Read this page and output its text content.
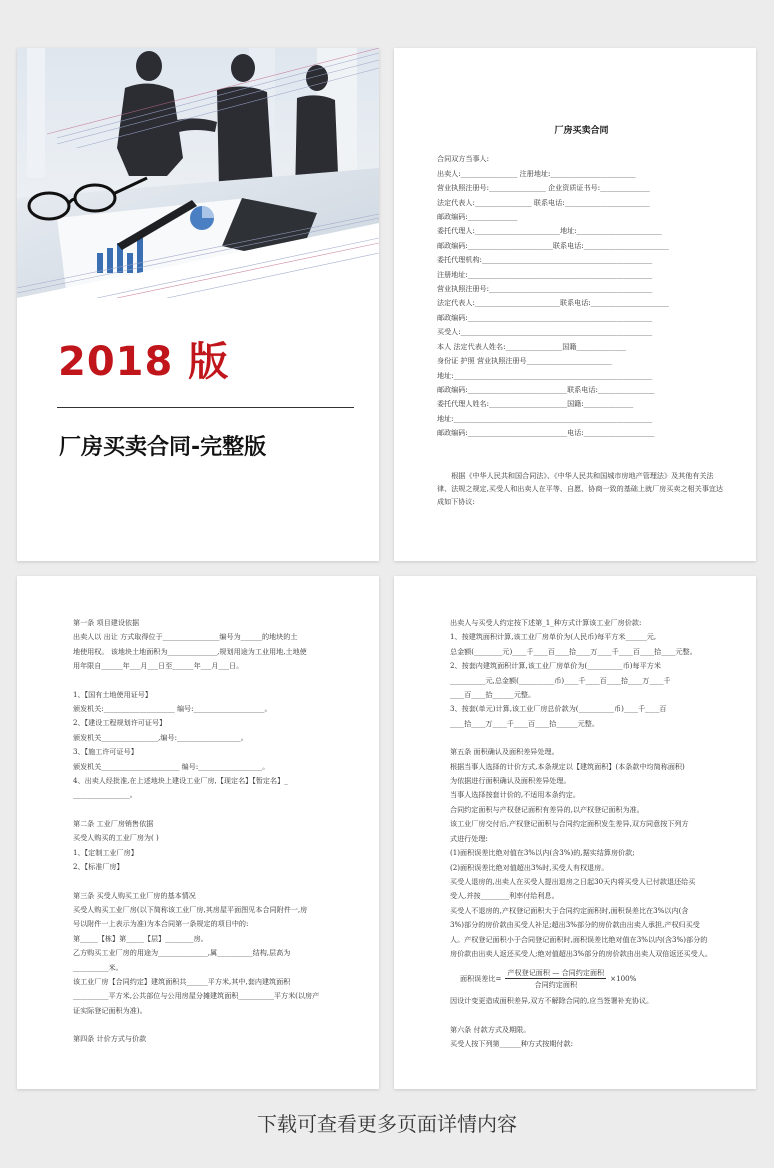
2018 版
厂房买卖合同-完整版
厂房买卖合同
合同双方当事人:
出卖人:________________ 注册地址:________________________
营业执照注册号:________________ 企业资质证书号:______________
法定代表人:________________ 联系电话:________________________
邮政编码:______________
委托代理人:________________________地址:________________________
邮政编码:________________________联系电话:________________________
委托代理机构:________________________________________________
注册地址:____________________________________________________
营业执照注册号:______________________________________________
法定代表人:________________________联系电话:______________________
邮政编码:____________________________________________________
买受人:______________________________________________________
本人 法定代表人姓名:________________国籍______________
身份证 护照 营业执照注册号________________________
地址:________________________________________________________
邮政编码:____________________________联系电话:________________
委托代理人姓名:______________________国籍:______________
地址:________________________________________________________
邮政编码:____________________________电话:____________________
根据《中华人民共和国合同法》、《中华人民共和国城市房地产管理法》及其他有关法律、法规之规定,买受人和出卖人在平等、自愿、协商一致的基础上就厂房买卖之相关事宜达成如下协议:
第一条 项目建设依据
出卖人以 出让 方式取得位于________________编号为______的地块的土
地使用权。 该地块土地面积为______________,规划用途为工业用地,土地使
用年限自______年___月___日至______年___月___日。
1、【国有土地使用证号】
颁发机关:____________________ 编号:____________________。
2、【建设工程规划许可证号】
颁发机关________________,编号:__________________。
3、【施工许可证号】
颁发机关______________________ 编号:__________________。
4、出卖人经批准,在上述地块上建设工业厂房,【现定名】【暂定名】_
________________。
第二条 工业厂房销售依据
买受人购买的工业厂房为( )
1、【定制工业厂房】
2、【标准厂房】
第三条 买受人购买工业厂房的基本情况
买受人购买工业厂房(以下简称该工业厂房,其房屋平面图见本合同附件一,房
号以附件一上表示为准)为本合同第一条规定的项目中的:
第_____【栋】第_____【层】________房。
乙方购买工业厂房的用途为______________,属__________结构,层高为
__________米。
该工业厂房【合同约定】建筑面积共______平方米,其中,套内建筑面积
__________平方米,公共部位与公用房屋分摊建筑面积__________平方米(以房产
证实际登记面积为准)。
第四条 计价方式与价款
出卖人与买受人约定按下述第_1_种方式计算该工业厂房价款:
1、按建筑面积计算,该工业厂房单价为(人民币)每平方米______元,
总金额(________元)____千____百____拾____万____千____百____拾____元整。
2、按套内建筑面积计算,该工业厂房单价为(__________币)每平方米
__________元,总金额(__________币)____千____百____拾____万____千
____百____拾______元整。
3、按套(单元)计算,该工业厂房总价款为(__________币)____千____百
____拾____万____千____百____拾______元整。
第五条 面积确认及面积差异处理。
根据当事人选择的计价方式,本条规定以【建筑面积】(本条款中均简称面积)
为依据进行面积确认及面积差异处理。
当事人选择按套计价的,不适用本条约定。
合同约定面积与产权登记面积有差异的,以产权登记面积为准。
该工业厂房交付后,产权登记面积与合同约定面积发生差异,双方同意按下列方
式进行处理:
(1)面积误差比绝对值在3%以内(含3%)的,据实结算房价款;
(2)面积误差比绝对值超出3%时,买受人有权退房。
买受人退房的,出卖人在买受人提出退房之日起30天内将买受人已付款退还给买
受人,并按________利率付给利息。
买受人不退房的,产权登记面积大于合同约定面积时,面积误差比在3%以内(含
3%)部分的房价款由买受人补足;超出3%部分的房价款由出卖人承担,产权归买受
人。产权登记面积小于合同登记面积时,面积误差比绝对值在3%以内(含3%)部分的
房价款由出卖人返还买受人;绝对值超出3%部分的房价款由出卖人双倍返还买受人。
面积误差比= $\frac{\text{产权登记面积 — 合同约定面积}}{\text{合同约定面积}} \times 100\%$
因设计变更造成面积差异,双方不解除合同的,应当签署补充协议。
第六条 付款方式及期限。
买受人按下列第______种方式按期付款:
下载可查看更多页面详情内容
